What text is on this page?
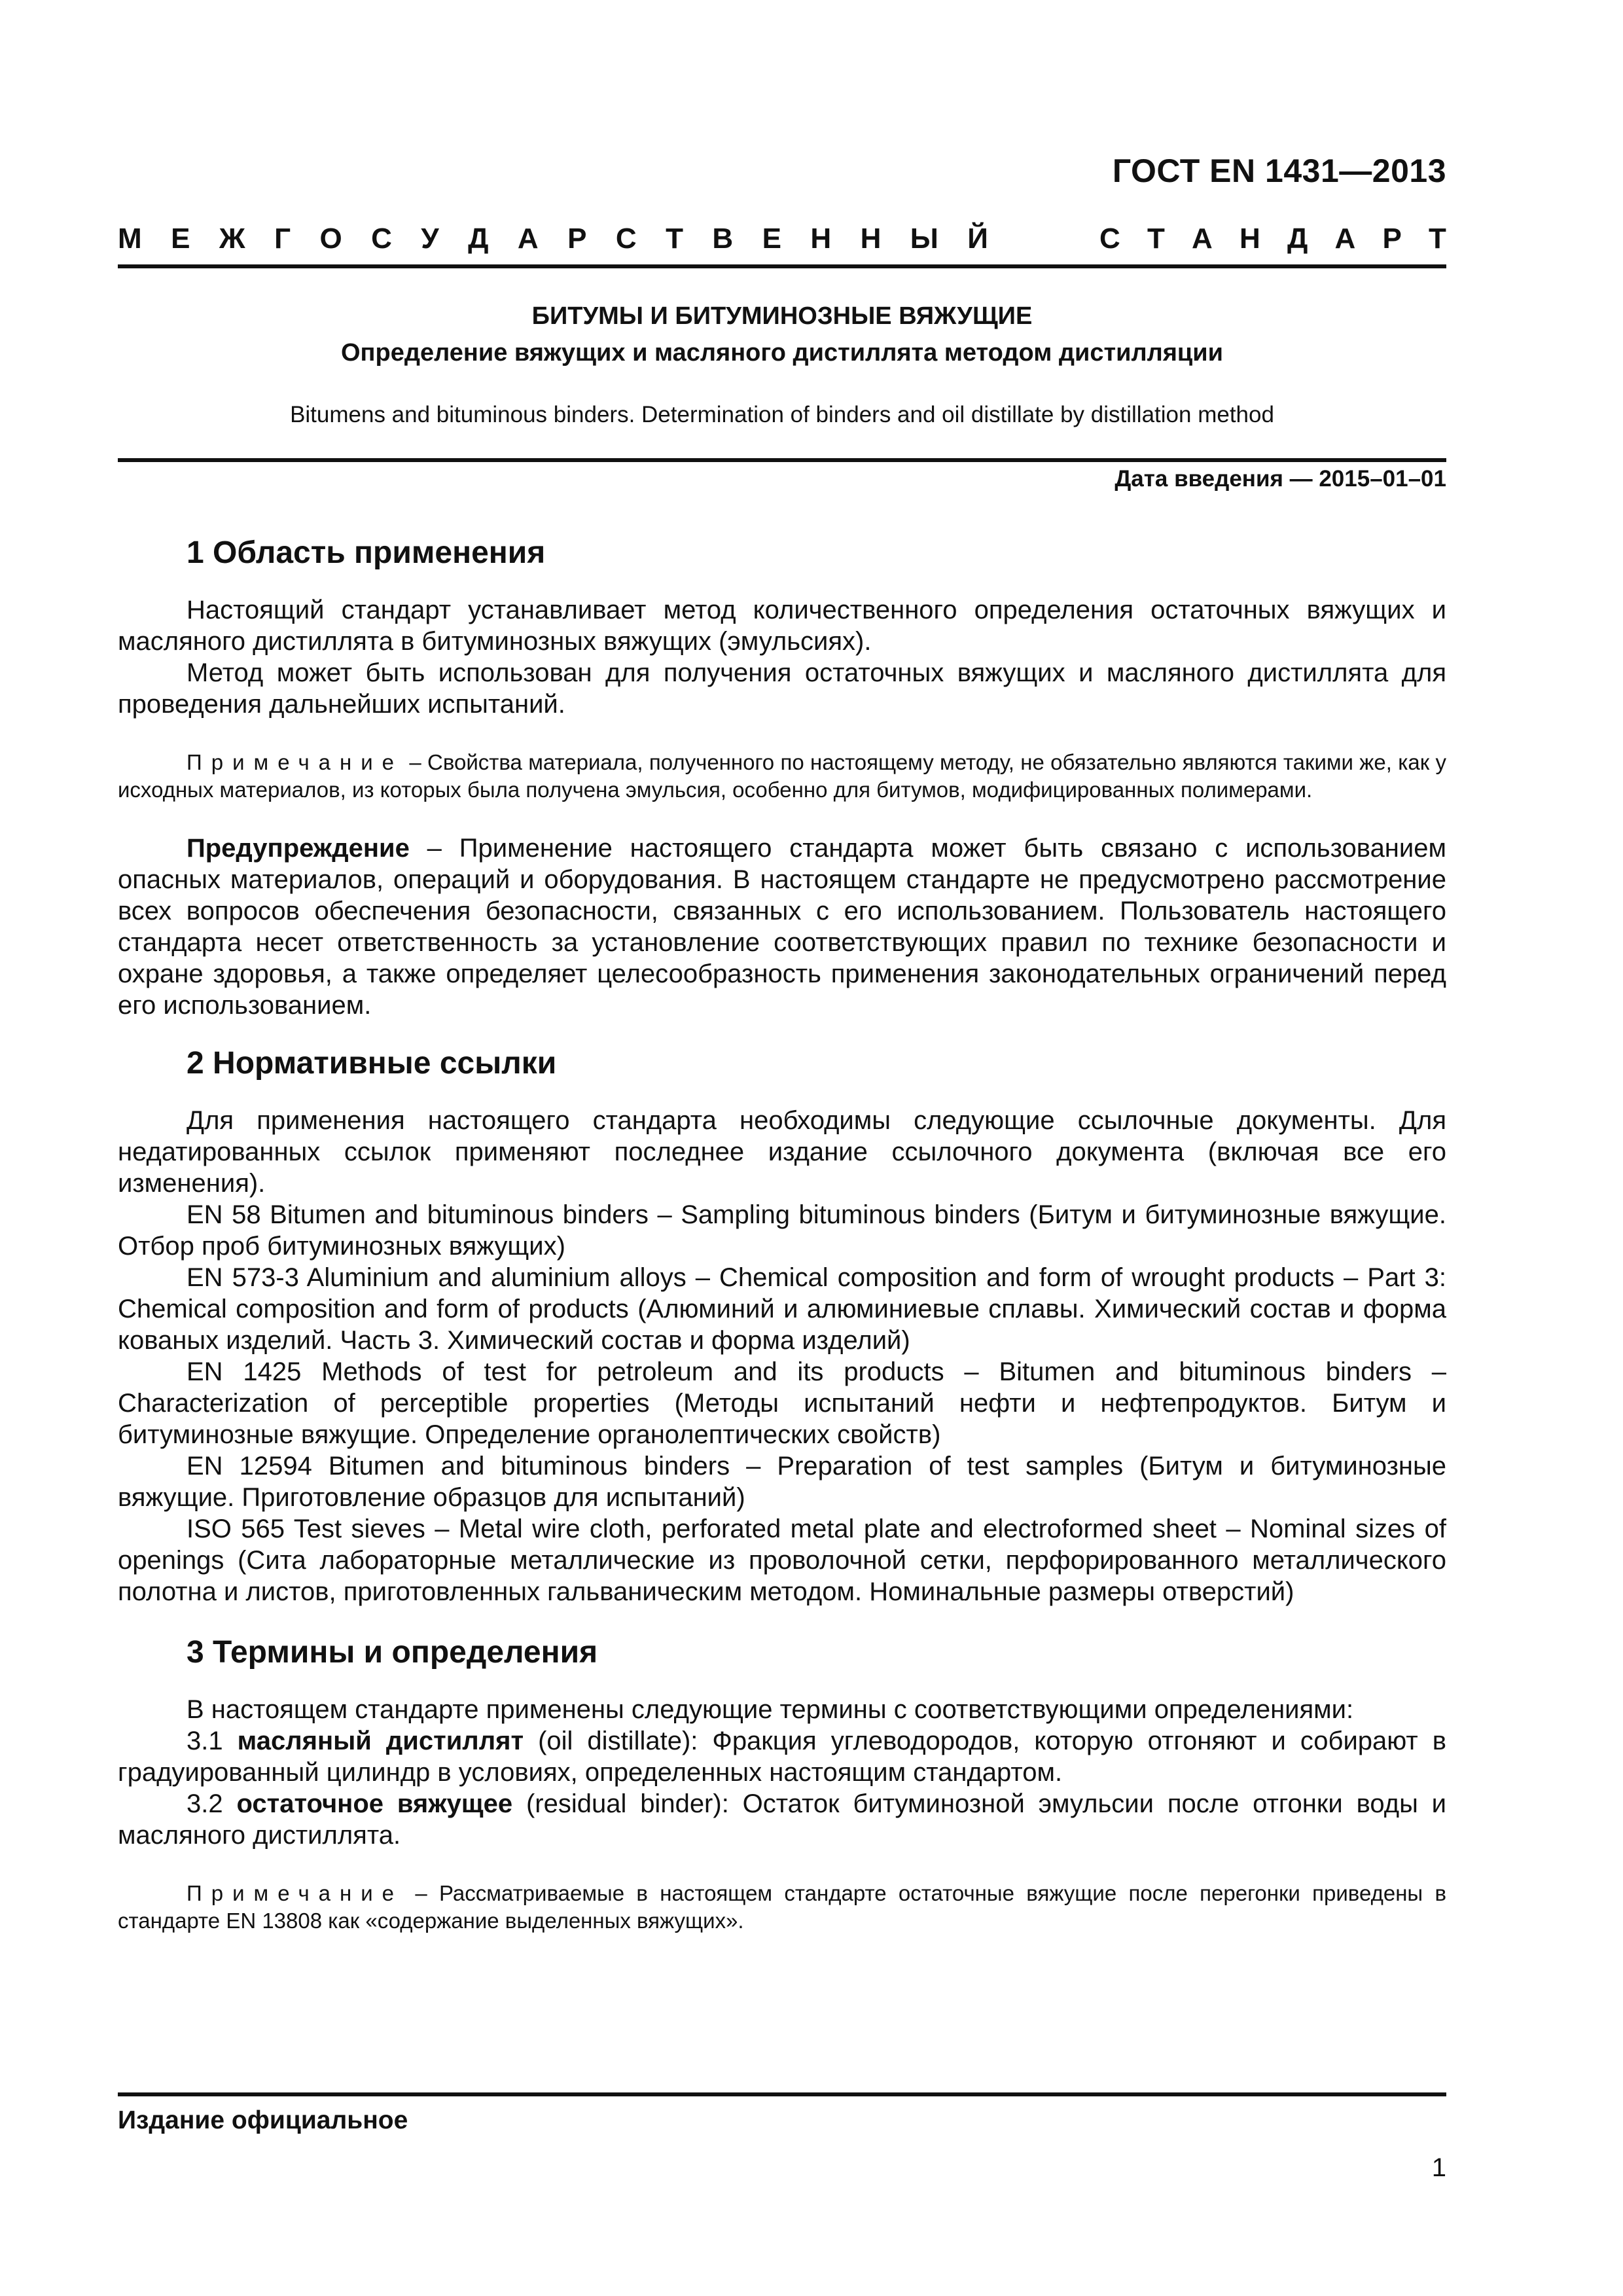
ГОСТ EN 1431—2013
М Е Ж Г О С У Д А Р С Т В Е Н Н Ы Й	С Т А Н Д А Р Т
БИТУМЫ И БИТУМИНОЗНЫЕ ВЯЖУЩИЕ
Определение вяжущих и масляного дистиллята методом дистилляции
Bitumens and bituminous binders. Determination of binders and oil distillate by distillation method
Дата введения — 2015–01–01
1 Область применения

Настоящий стандарт устанавливает метод количественного определения остаточных вяжущих и масляного дистиллята в битуминозных вяжущих (эмульсиях).

Метод может быть использован для получения остаточных вяжущих и масляного дистиллята для проведения дальнейших испытаний.

Примечание – Свойства материала, полученного по настоящему методу, не обязательно являются такими же, как у исходных материалов, из которых была получена эмульсия, особенно для битумов, модифицированных полимерами.

Предупреждение – Применение настоящего стандарта может быть связано с использованием опасных материалов, операций и оборудования. В настоящем стандарте не предусмотрено рассмотрение всех вопросов обеспечения безопасности, связанных с его использованием. Пользователь настоящего стандарта несет ответственность за установление соответствующих правил по технике безопасности и охране здоровья, а также определяет целесообразность применения законодательных ограничений перед его использованием.

2 Нормативные ссылки

Для применения настоящего стандарта необходимы следующие ссылочные документы. Для недатированных ссылок применяют последнее издание ссылочного документа (включая все его изменения).

EN 58 Bitumen and bituminous binders – Sampling bituminous binders (Битум и битуминозные вяжущие. Отбор проб битуминозных вяжущих)

EN 573-3 Aluminium and aluminium alloys – Chemical composition and form of wrought products – Part 3: Chemical composition and form of products (Алюминий и алюминиевые сплавы. Химический состав и форма кованых изделий. Часть 3. Химический состав и форма изделий)

EN 1425 Methods of test for petroleum and its products – Bitumen and bituminous binders – Characterization of perceptible properties (Методы испытаний нефти и нефтепродуктов. Битум и битуминозные вяжущие. Определение органолептических свойств)

EN 12594 Bitumen and bituminous binders – Preparation of test samples (Битум и битуминозные вяжущие. Приготовление образцов для испытаний)

ISO 565 Test sieves – Metal wire cloth, perforated metal plate and electroformed sheet – Nominal sizes of openings (Сита лабораторные металлические из проволочной сетки, перфорированного металлического полотна и листов, приготовленных гальваническим методом. Номинальные размеры отверстий)

3 Термины и определения

В настоящем стандарте применены следующие термины с соответствующими определениями:

3.1 масляный дистиллят (oil distillate): Фракция углеводородов, которую отгоняют и собирают в градуированный цилиндр в условиях, определенных настоящим стандартом.

3.2 остаточное вяжущее (residual binder): Остаток битуминозной эмульсии после отгонки воды и масляного дистиллята.

Примечание – Рассматриваемые в настоящем стандарте остаточные вяжущие после перегонки приведены в стандарте EN 13808 как «содержание выделенных вяжущих».

Издание официальное
1
